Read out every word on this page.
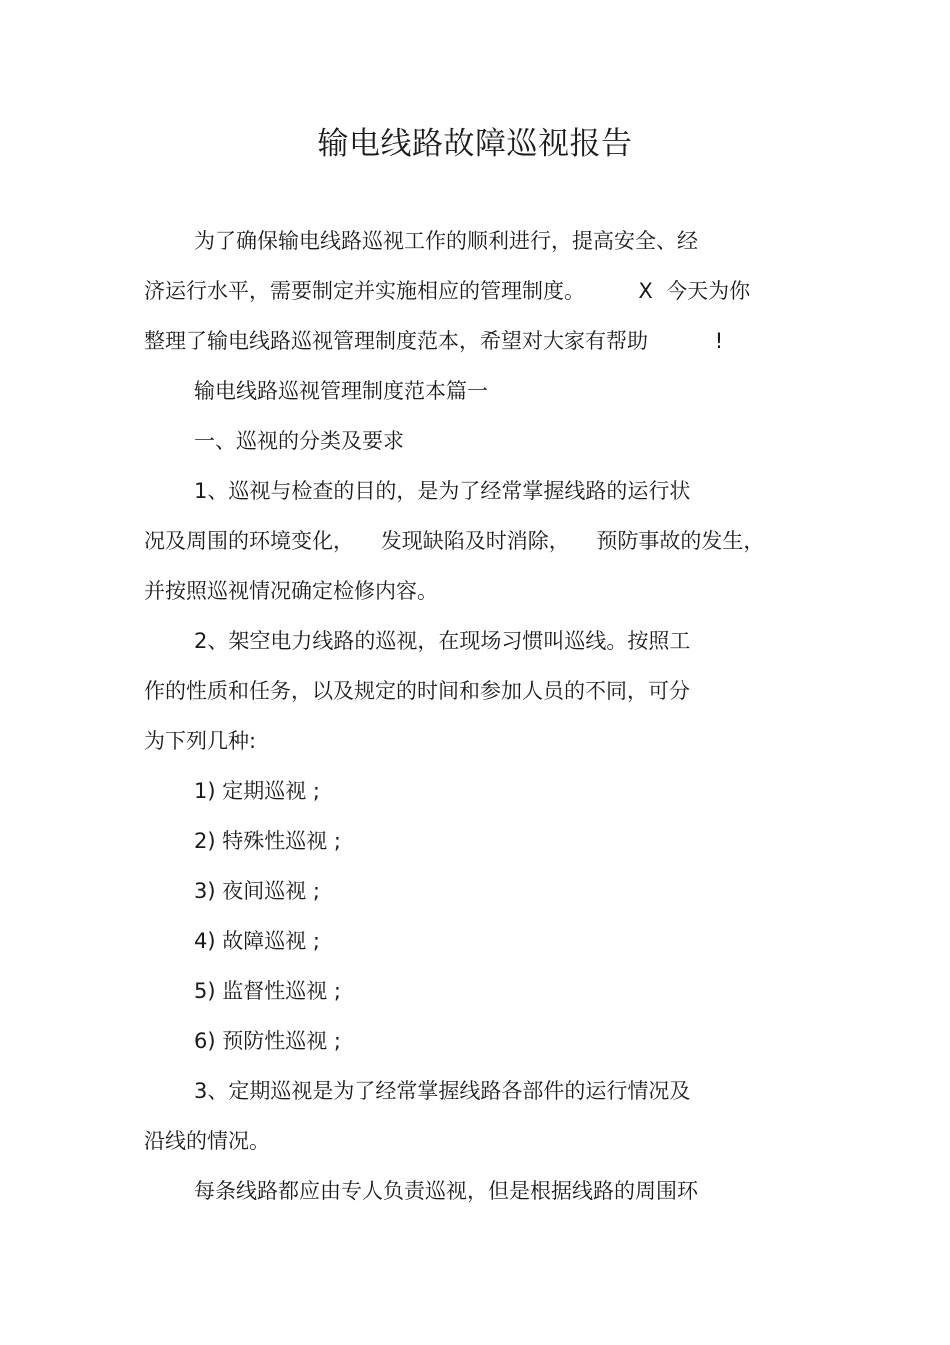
输电线路故障巡视报告
为了确保输电线路巡视工作的顺利进行，提高安全、经
济运行水平，需要制定并实施相应的管理制度。        X  今天为你
整理了输电线路巡视管理制度范本，希望对大家有帮助          !
输电线路巡视管理制度范本篇一
一、巡视的分类及要求
1、巡视与检查的目的，是为了经常掌握线路的运行状
况及周围的环境变化，    发现缺陷及时消除，    预防事故的发生，
并按照巡视情况确定检修内容。
2、架空电力线路的巡视，在现场习惯叫巡线。按照工
作的性质和任务，以及规定的时间和参加人员的不同，可分
为下列几种:
1) 定期巡视 ;
2) 特殊性巡视 ;
3) 夜间巡视 ;
4) 故障巡视 ;
5) 监督性巡视 ;
6) 预防性巡视 ;
3、定期巡视是为了经常掌握线路各部件的运行情况及
沿线的情况。
每条线路都应由专人负责巡视，但是根据线路的周围环
